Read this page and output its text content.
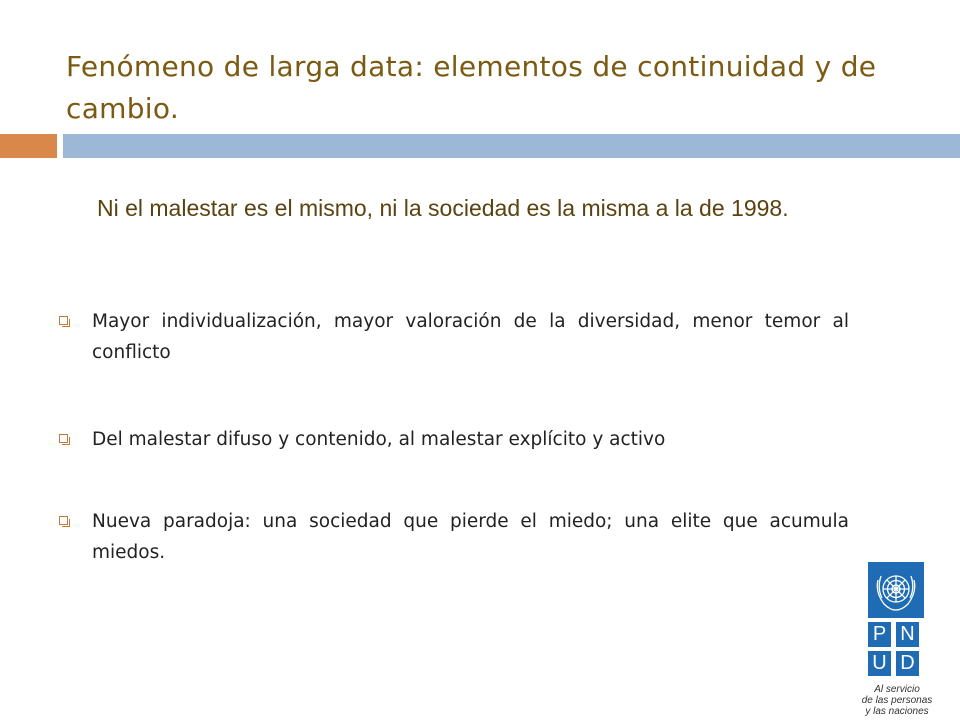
Fenómeno de larga data: elementos de continuidad y de cambio.
Ni el malestar es el mismo, ni la sociedad es la misma a la de 1998.
Mayor individualización, mayor valoración de la diversidad, menor temor al conflicto
Del malestar difuso y contenido, al malestar explícito y activo
Nueva paradoja: una sociedad que pierde el miedo; una elite que acumula miedos.
P N
U D
Al servicio
de las personas
y las naciones
